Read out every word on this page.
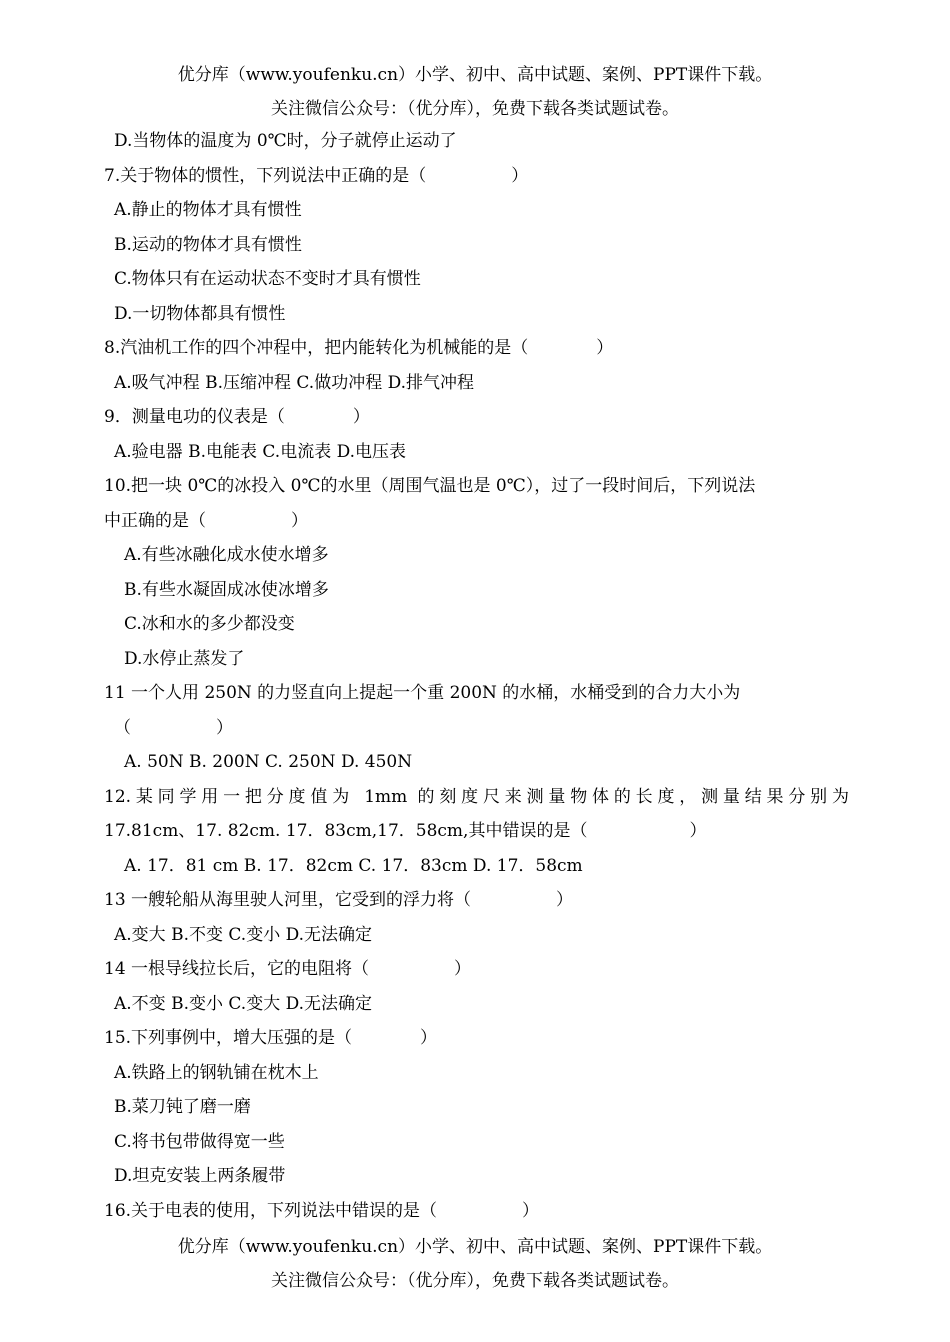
优分库（www.youfenku.cn）小学、初中、高中试题、案例、PPT课件下载。
关注微信公众号：（优分库），免费下载各类试题试卷。
D.当物体的温度为 0℃时，分子就停止运动了
7.关于物体的惯性，下列说法中正确的是（　　　　　）
A.静止的物体才具有惯性
B.运动的物体才具有惯性
C.物体只有在运动状态不变时才具有惯性
D.一切物体都具有惯性
8.汽油机工作的四个冲程中，把内能转化为机械能的是（　　　　）
A.吸气冲程 B.压缩冲程 C.做功冲程 D.排气冲程
9．测量电功的仪表是（　　　　）
A.验电器 B.电能表 C.电流表 D.电压表
10.把一块 0℃的冰投入 0℃的水里（周围气温也是 0℃），过了一段时间后，下列说法
中正确的是（　　　　　）
A.有些冰融化成水使水增多
B.有些水凝固成冰使冰增多
C.冰和水的多少都没变
D.水停止蒸发了
11 一个人用 250N 的力竖直向上提起一个重 200N 的水桶，水桶受到的合力大小为
（　　　　　）
A. 50N B. 200N C. 250N D. 450N
12.某同学用一把分度值为 1mm 的刻度尺来测量物体的长度，测量结果分别为
17.81cm、17. 82cm. 17．83cm,17．58cm,其中错误的是（　　　　　　）
A. 17．81 cm B. 17．82cm C. 17．83cm D. 17．58cm
13 一艘轮船从海里驶人河里，它受到的浮力将（　　　　　）
A.变大 B.不变 C.变小 D.无法确定
14 一根导线拉长后，它的电阻将（　　　　　）
A.不变 B.变小 C.变大 D.无法确定
15.下列事例中，增大压强的是（　　　　）
A.铁路上的钢轨铺在枕木上
B.菜刀钝了磨一磨
C.将书包带做得宽一些
D.坦克安装上两条履带
16.关于电表的使用，下列说法中错误的是（　　　　　）
优分库（www.youfenku.cn）小学、初中、高中试题、案例、PPT课件下载。
关注微信公众号：（优分库），免费下载各类试题试卷。
